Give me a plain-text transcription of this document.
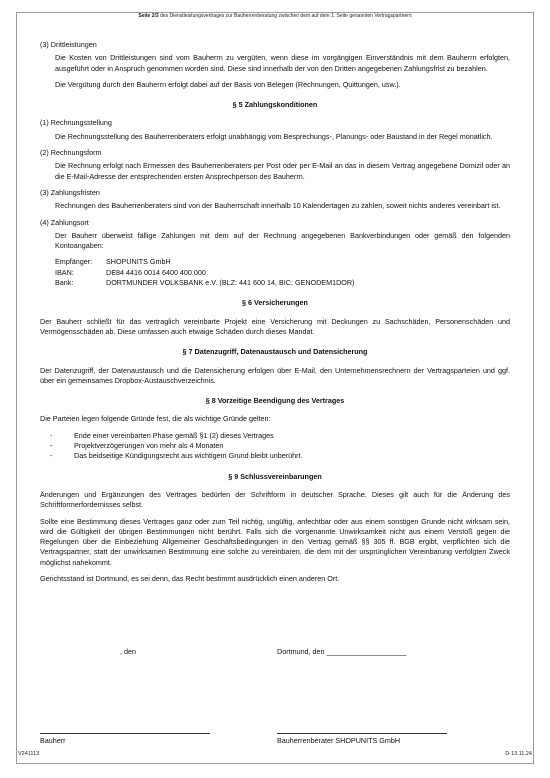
Seite 2/3 des Dienstleistungsvertrages zur Bauherrenberatung zwischen dem auf dem 1. Seite genannten Vertragspartnern

(3) Drittleistungen

Die Kosten von Drittleistungen sind vom Bauherrn zu vergüten, wenn diese im vorgängigen Einverständnis mit dem Bauherrn erfolgten, ausgeführt oder in Anspruch genommen worden sind. Diese sind innerhalb der von den Dritten angegebenen Zahlungsfrist zu bezahlen.

Die Vergütung durch den Bauherrn erfolgt dabei auf der Basis von Belegen (Rechnungen, Quittungen, usw.).

§ 5 Zahlungskonditionen

(1) Rechnungsstellung

Die Rechnungsstellung des Bauherrenberaters erfolgt unabhängig vom Besprechungs-, Planungs- oder Baustand in der Regel monatlich.

(2) Rechnungsform

Die Rechnung erfolgt nach Ermessen des Bauherrenberaters per Post oder per E-Mail an das in diesem Vertrag angegebene Domizil oder an die E-Mail-Adresse der entsprechenden ersten Ansprechperson des Bauherrn.

(3) Zahlungsfristen

Rechnungen des Bauherrenberaters sind von der Bauherrschaft innerhalb 10 Kalendertagen zu zahlen, soweit nichts anderes vereinbart ist.

(4) Zahlungsort

Der Bauherr überweist fällige Zahlungen mit dem auf der Rechnung angegebenen Bankverbindungen oder gemäß den folgenden Kontoangaben:

Empfänger:	SHOPUNITS GmbH
IBAN:	DE84 4416 0014 6400 400 000
Bank:	DORTMUNDER VOLKSBANK e.V. (BLZ: 441 600 14, BIC: GENODEM1DOR)

§ 6 Versicherungen

Der Bauherr schließt für das vertraglich vereinbarte Projekt eine Versicherung mit Deckungen zu Sachschäden, Personenschäden und Vermögensschäden ab. Diese umfassen auch etwaige Schäden durch dieses Mandat.

§ 7 Datenzugriff, Datenaustausch und Datensicherung

Der Datenzugriff, der Datenaustausch und die Datensicherung erfolgen über E-Mail, den Unternehmensrechnern der Vertragsparteien und ggf. über ein gemeinsames Dropbox-Austauschverzeichnis.

§ 8 Vorzeitige Beendigung des Vertrages

Die Parteien legen folgende Gründe fest, die als wichtige Gründe gelten:

-	Ende einer vereinbarten Phase gemäß §1 (2) dieses Vertrages
-	Projektverzögerungen von mehr als 4 Monaten
-	Das beidseitige Kündigungsrecht aus wichtigem Grund bleibt unberührt.

§ 9 Schlussvereinbarungen

Änderungen und Ergänzungen des Vertrages bedürfen der Schriftform in deutscher Sprache. Dieses gilt auch für die Änderung des Schriftformerfordernisses selbst.

Sollte eine Bestimmung dieses Vertrages ganz oder zum Teil nichtig, ungültig, anfechtbar oder aus einem sonstigen Grunde nicht wirksam sein, wird die Gültigkeit der übrigen Bestimmungen nicht berührt. Falls sich die vorgenannte Unwirksamkeit nicht aus einem Verstoß gegen die Regelungen über die Einbeziehung Allgemeiner Geschäftsbedingungen in den Vertrag gemäß §§ 305 ff. BGB ergibt, verpflichten sich die Vertragspartner, statt der unwirksamen Bestimmung eine solche zu vereinbaren, die dem mit der ursprünglichen Vereinbarung verfolgten Zweck möglichst nahekommt.

Gerichtsstand ist Dortmund, es sei denn, das Recht bestimmt ausdrücklich einen anderen Ort.

, den	Dortmund, den ____________________
Bauherr	Bauherrenberater SHOPUNITS GmbH
V241113	D-13.11.24
